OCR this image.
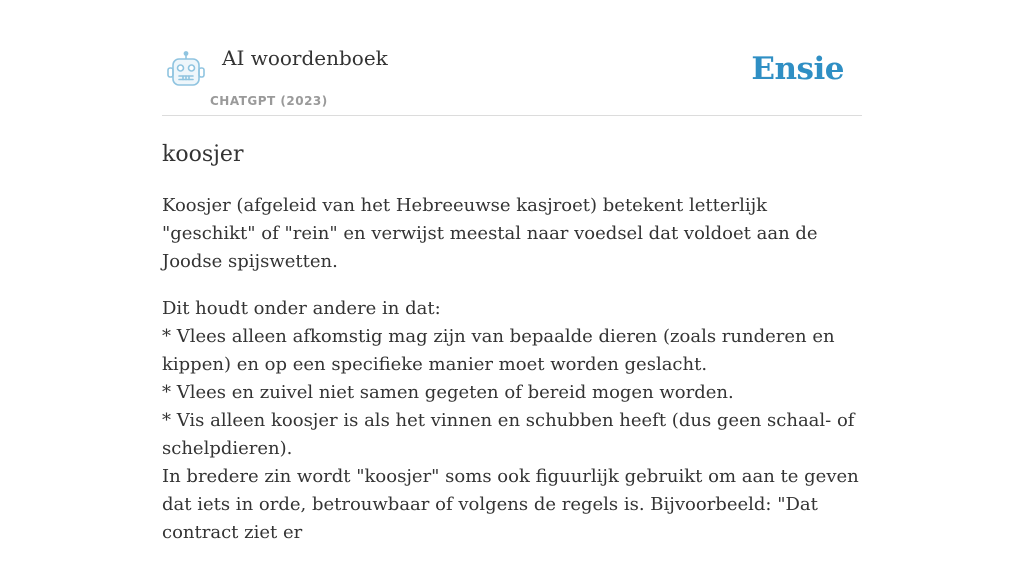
AI woordenboek
CHATGPT (2023)
Ensie
koosjer

Koosjer (afgeleid van het Hebreeuwse kasjroet) betekent letterlijk "geschikt" of "rein" en verwijst meestal naar voedsel dat voldoet aan de Joodse spijswetten.

Dit houdt onder andere in dat:
* Vlees alleen afkomstig mag zijn van bepaalde dieren (zoals runderen en kippen) en op een specifieke manier moet worden geslacht.
* Vlees en zuivel niet samen gegeten of bereid mogen worden.
* Vis alleen koosjer is als het vinnen en schubben heeft (dus geen schaal- of schelpdieren).

In bredere zin wordt "koosjer" soms ook figuurlijk gebruikt om aan te geven dat iets in orde, betrouwbaar of volgens de regels is. Bijvoorbeeld: "Dat contract ziet er
